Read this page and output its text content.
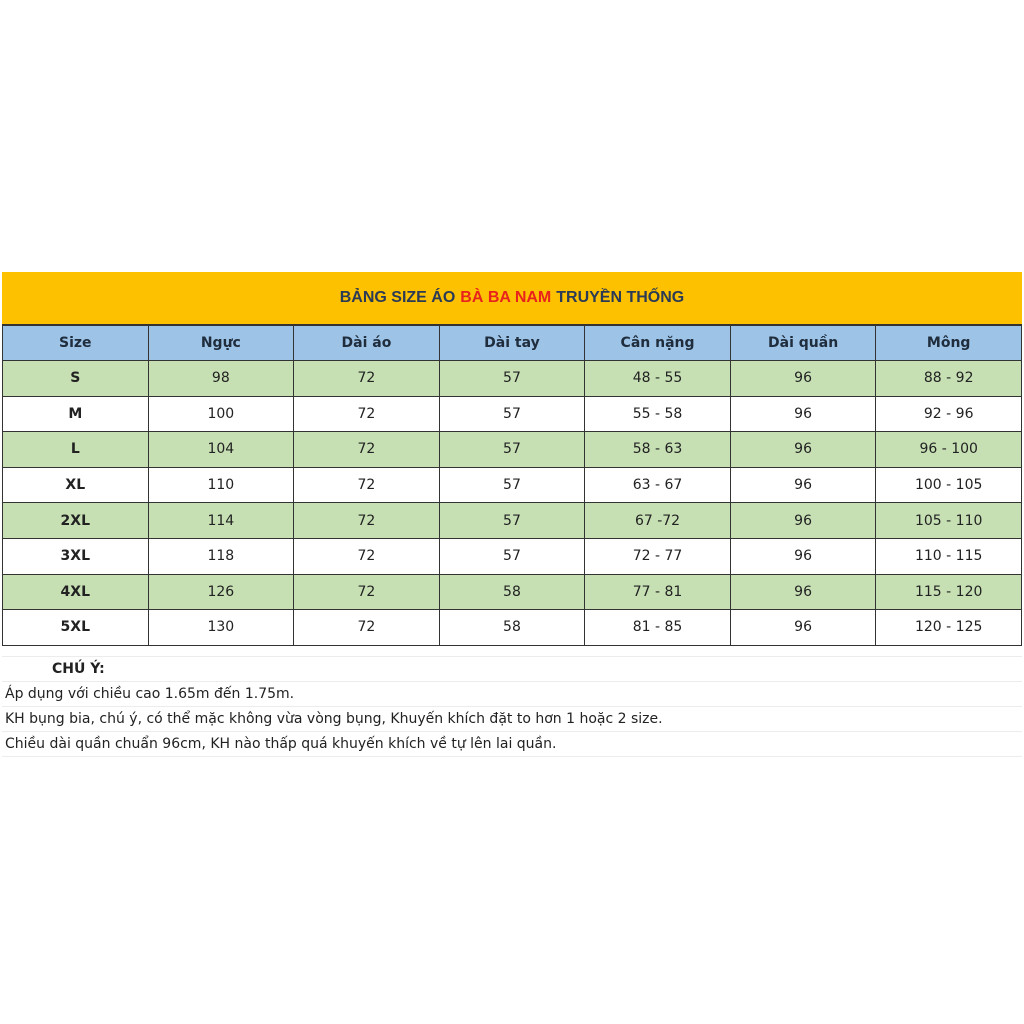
BẢNG SIZE ÁO BÀ BA NAM TRUYỀN THỐNG
Size	Ngực	Dài áo	Dài tay	Cân nặng	Dài quần	Mông
S	98	72	57	48 - 55	96	88 - 92
M	100	72	57	55 - 58	96	92 - 96
L	104	72	57	58 - 63	96	96 - 100
XL	110	72	57	63 - 67	96	100 - 105
2XL	114	72	57	67 -72	96	105 - 110
3XL	118	72	57	72 - 77	96	110 - 115
4XL	126	72	58	77 - 81	96	115 - 120
5XL	130	72	58	81 - 85	96	120 - 125
CHÚ Ý:
Áp dụng với chiều cao 1.65m đến 1.75m.
KH bụng bia, chú ý, có thể mặc không vừa vòng bụng, Khuyến khích đặt to hơn 1 hoặc 2 size.
Chiều dài quần chuẩn 96cm, KH nào thấp quá khuyến khích về tự lên lai quần.
